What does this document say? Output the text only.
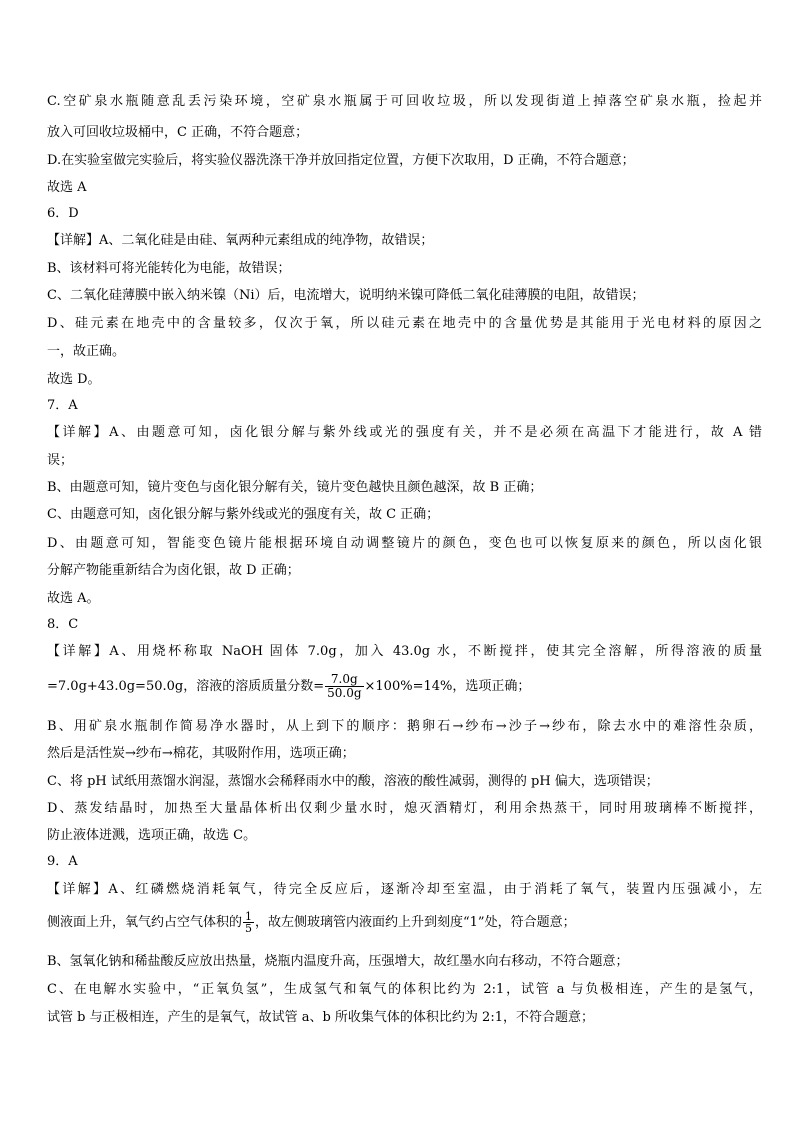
C.空矿泉水瓶随意乱丢污染环境，空矿泉水瓶属于可回收垃圾，所以发现街道上掉落空矿泉水瓶，捡起并
放入可回收垃圾桶中，C 正确，不符合题意；
D.在实验室做完实验后，将实验仪器洗涤干净并放回指定位置，方便下次取用，D 正确，不符合题意；
故选 A
6．D
【详解】A、二氧化硅是由硅、氧两种元素组成的纯净物，故错误；
B、该材料可将光能转化为电能，故错误；
C、二氧化硅薄膜中嵌入纳米镍（Ni）后，电流增大，说明纳米镍可降低二氧化硅薄膜的电阻，故错误；
D、硅元素在地壳中的含量较多，仅次于氧，所以硅元素在地壳中的含量优势是其能用于光电材料的原因之
一，故正确。
故选 D。
7．A
【详解】A、由题意可知，卤化银分解与紫外线或光的强度有关，并不是必须在高温下才能进行，故 A 错
误；
B、由题意可知，镜片变色与卤化银分解有关，镜片变色越快且颜色越深，故 B 正确；
C、由题意可知，卤化银分解与紫外线或光的强度有关，故 C 正确；
D、由题意可知，智能变色镜片能根据环境自动调整镜片的颜色，变色也可以恢复原来的颜色，所以卤化银
分解产物能重新结合为卤化银，故 D 正确；
故选 A。
8．C
【详解】A、用烧杯称取 NaOH 固体 7.0g，加入 43.0g 水，不断搅拌，使其完全溶解，所得溶液的质量
=7.0g+43.0g=50.0g，溶液的溶质质量分数= $\frac{7.0g}{50.0g} \times 100\%=14\%$，选项正确；
B、用矿泉水瓶制作简易净水器时，从上到下的顺序：鹅卵石→纱布→沙子→纱布，除去水中的难溶性杂质，
然后是活性炭→纱布→棉花，其吸附作用，选项正确；
C、将 pH 试纸用蒸馏水润湿，蒸馏水会稀释雨水中的酸，溶液的酸性减弱，测得的 pH 偏大，选项错误；
D、蒸发结晶时，加热至大量晶体析出仅剩少量水时，熄灭酒精灯，利用余热蒸干，同时用玻璃棒不断搅拌，
防止液体迸溅，选项正确，故选 C。
9．A
【详解】A、红磷燃烧消耗氧气，待完全反应后，逐渐冷却至室温，由于消耗了氧气，装置内压强减小，左
侧液面上升，氧气约占空气体积的 $\frac{1}{5}$ ，故左侧玻璃管内液面约上升到刻度“1”处，符合题意；
B、氢氧化钠和稀盐酸反应放出热量，烧瓶内温度升高，压强增大，故红墨水向右移动，不符合题意；
C、在电解水实验中，“正氧负氢”，生成氢气和氧气的体积比约为 2:1，试管 a 与负极相连，产生的是氢气，
试管 b 与正极相连，产生的是氧气，故试管 a、b 所收集气体的体积比约为 2:1，不符合题意；
